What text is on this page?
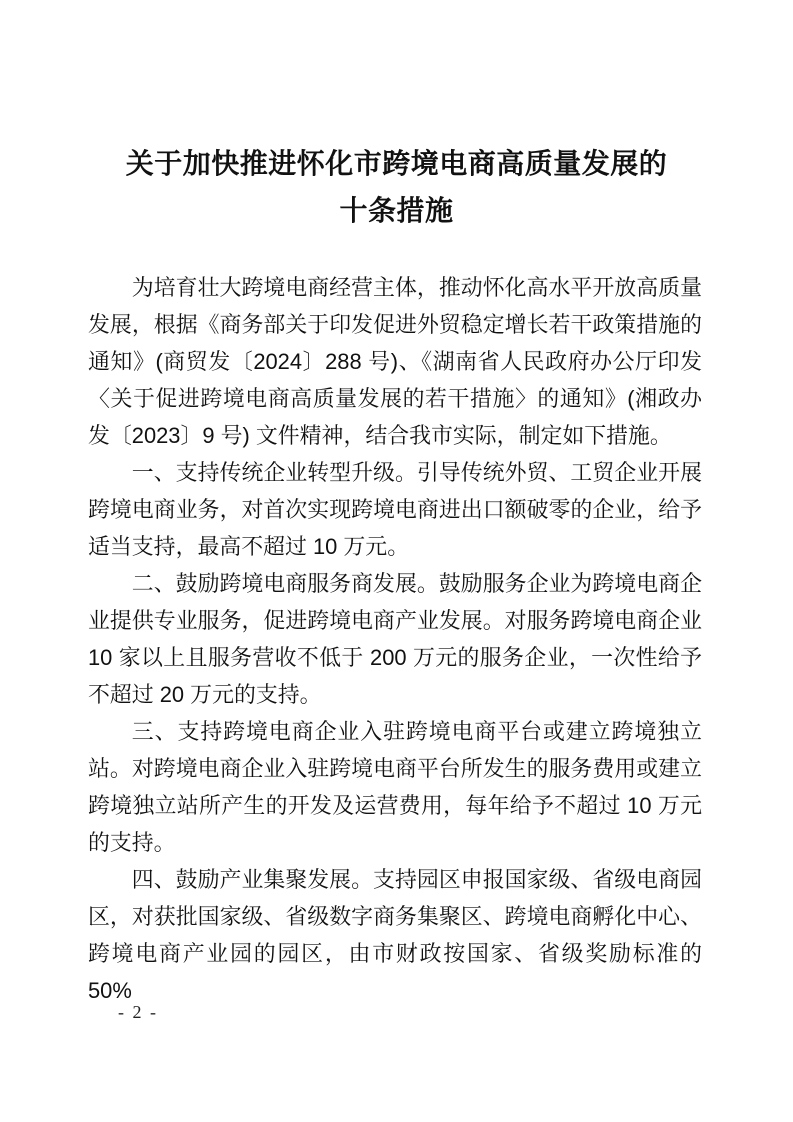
关于加快推进怀化市跨境电商高质量发展的
十条措施

为培育壮大跨境电商经营主体，推动怀化高水平开放高质量发展，根据《商务部关于印发促进外贸稳定增长若干政策措施的通知》(商贸发〔2024〕288 号)、《湖南省人民政府办公厅印发〈关于促进跨境电商高质量发展的若干措施〉的通知》(湘政办发〔2023〕9 号) 文件精神，结合我市实际，制定如下措施。

一、支持传统企业转型升级。引导传统外贸、工贸企业开展跨境电商业务，对首次实现跨境电商进出口额破零的企业，给予适当支持，最高不超过 10 万元。

二、鼓励跨境电商服务商发展。鼓励服务企业为跨境电商企业提供专业服务，促进跨境电商产业发展。对服务跨境电商企业 10 家以上且服务营收不低于 200 万元的服务企业，一次性给予不超过 20 万元的支持。

三、支持跨境电商企业入驻跨境电商平台或建立跨境独立站。对跨境电商企业入驻跨境电商平台所发生的服务费用或建立跨境独立站所产生的开发及运营费用，每年给予不超过 10 万元的支持。

四、鼓励产业集聚发展。支持园区申报国家级、省级电商园区，对获批国家级、省级数字商务集聚区、跨境电商孵化中心、跨境电商产业园的园区，由市财政按国家、省级奖励标准的 50%

- 2 -
